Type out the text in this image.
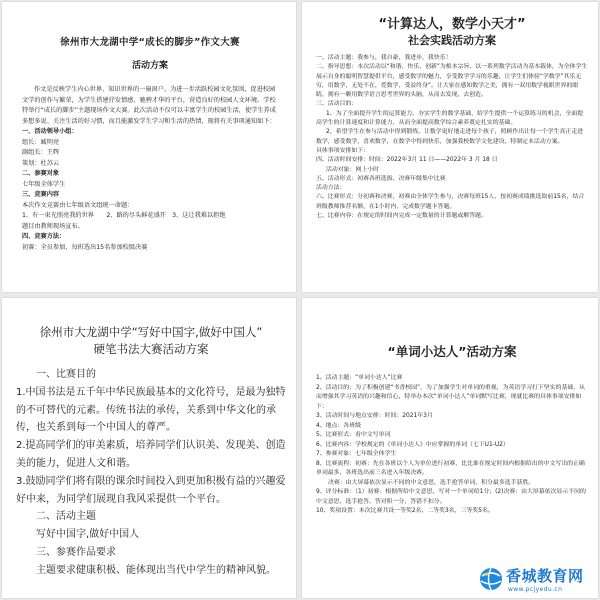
徐州市大龙湖中学“成长的脚步”作文大赛

活动方案

作文是反映学生内心世界、知识世界的一扇窗户。为进一步活跃校园文化氛围，促进校园文学的创作与繁荣，为学生搭建抒发情感、驰骋才华的平台，营造良好的校园人文环境。学校特举行“成长的脚步”主题现场作文大赛。此次活动不仅可以丰富学生的校园生活，使学生养成多想多说、关注生活的好习惯，而且能激发学生学习和生活的热情，现将有关事项通知如下：

一、活动领导小组：

组长：臧明亮

副组长：王辉

策划：杜苏云

二、参赛对象

七年级全体学生

三、竞赛内容

本次作文竞赛由七年级语文组统一命题：

1、有一束光照亮我的世界　　2、路的尽头鲜花盛开　3、这让我难以拒绝

题目由教师现场宣布。

四、竞赛方法：

初赛：全员参加，每班选出15名参加校级决赛

“计算达人，数学小天才”

社会实践活动方案

一、活动主题：我参与，我自豪，我进步，我快乐！

二、指导思想：本次活动以“和谐、快乐、创新”为根本宗旨，以一系列数学活动为基本载体，为全体学生展示自身的聪明智慧提供平台，感受数学的魅力，享受数学学习的乐趣，让学生们体验“学数学”其乐无穷，用数学，无处不在，爱数学，受益终身”。让大家在感知数学之美，拥有一双用数学视眼世界的眼睛，拥有一颗用数学语言思考世界的头脑，从而去发现、去创造。

三、活动目的：

1、为了全面提升学生的运算能力，夯实学生的数学基础，给学生提供一个运算练习的机会，全面提高学生的计算速度和计算能力，从而全面提高数学综合素养奠定扎实的基础。

2、希望学生在参与活动中得到锻炼，让数学更好地走进每个孩子，照顾作出让每一个学生真正走进数学，感受数学，喜欢数学，在数学中得到快乐，加强我校数学文化建设，特制定本活动方案。

具体事项安排如下：

四、活动时间安排：时间：2022年3月 11 日——2022年 3 月 18 日

活动对象：网上小时

五、活动形式：初赛各班选拔、决赛年级集中比赛

活动方法：

六、比赛形式：分初赛和决赛，初赛由全体学生参与，决赛每班15人，按初赛成绩挑选取前15名，结合班级教师推荐名额，在1小时内，完成数学题卡答题。

七、比赛内容：在规定的时间内完成一定数量的计算题或解答题。

徐州市大龙湖中学“写好中国字,做好中国人”

硬笔书法大赛活动方案

一、比赛目的

1.中国书法是五千年中华民族最基本的文化符号，是最为独特的不可替代的元素。传统书法的承传，关系到中华文化的承传，也关系到每一个中国人的尊严。

2.提高同学们的审美素质，培养同学们认识美、发现美、创造美的能力，促进人文和谐。

3.鼓励同学们将有限的课余时间投入到更加积极有益的兴趣爱好中来，为同学们展现自我风采提供一个平台。

二、活动主题

写好中国字,做好中国人

三、参赛作品要求

主题要求健康积极、能体现出当代中学生的精神风貌。

“单词小达人”活动方案

1、活动主题：“单词小达人”比赛

2、活动目的：为了积极创建“书香校园”，为了加强学生对单词的重视，为英语学习打下坚实的基础，从而增强其学习英语的兴趣和信心，特举办本次“单词小达人”单词默写比赛，现就比赛的具体事项安排如下：

3、活动时间与地点安排：时间：2021年3月

4、地点：各班级

5、比赛形式：看中文写单词

6、比赛内容：学校规定的《单词小达人》中应掌握的单词（七下U1-U2）

7、参赛对象：七年级全体学生

8、比赛流程：初赛：先在各班以个人为单位进行初赛，比比谁在规定时间内根据给出的中文写出的正确单词最多，各班选出前三名进入年级决赛。

决赛：由大屏幕依次显示不同的中文意思，选手抢答单词，积分最多选手获胜。

9、评分标准：（1）初赛：根据所给中文意思，写对一个单词给1分；(2)决赛：由大屏幕依次显示不同的中文意思，选手抢答，答对积一分，答错不扣分。

10、奖项设置：本次比赛共设一等奖2名、二等奖3名，三等奖5名。

香城教育网
www.pcjyedu.cn
